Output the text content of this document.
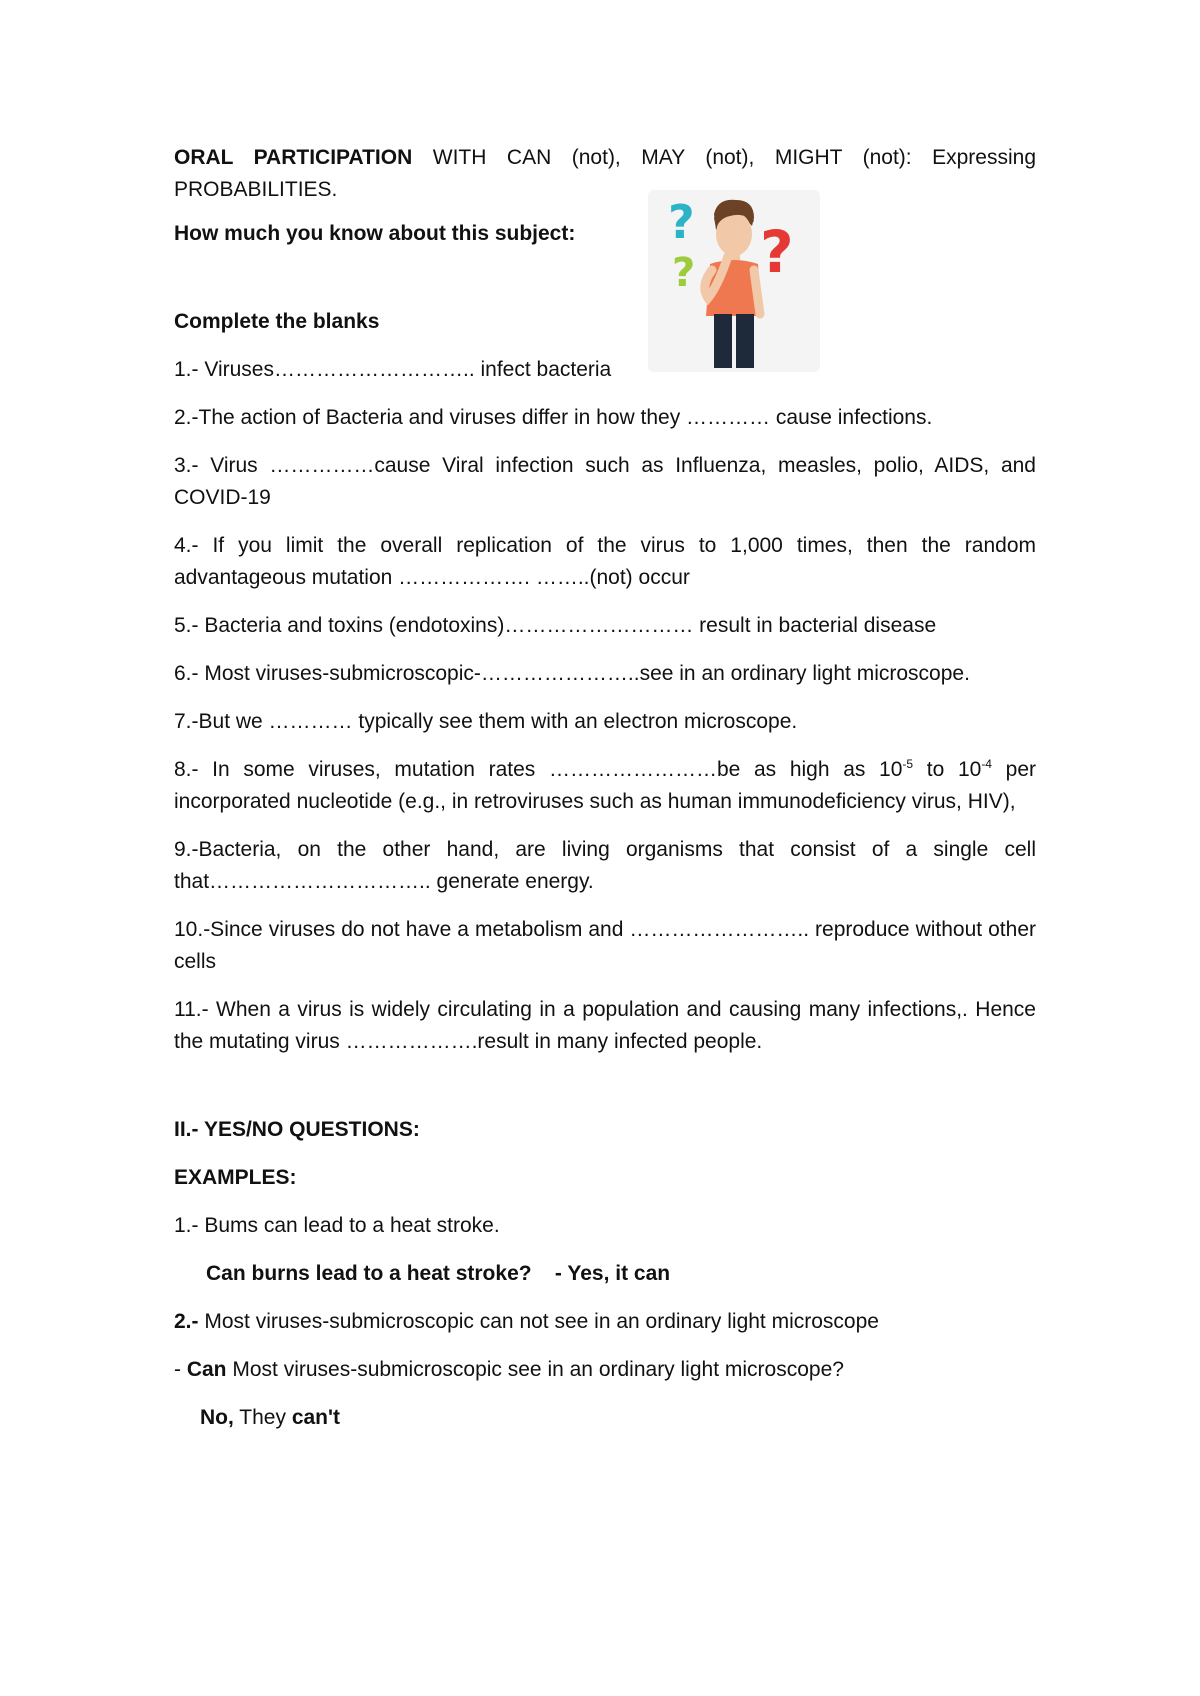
?
? ?
ORAL PARTICIPATION WITH CAN (not), MAY (not), MIGHT (not): Expressing PROBABILITIES.
How much you know about this subject:
Complete the blanks
1.- Viruses……………………….. infect bacteria
2.-The action of Bacteria and viruses differ in how they ………… cause infections.
3.- Virus ……………cause Viral infection such as Influenza, measles, polio, AIDS, and COVID-19
4.- If you limit the overall replication of the virus to 1,000 times, then the random advantageous mutation ………………. ……..(not) occur
5.- Bacteria and toxins (endotoxins)……………………… result in bacterial disease
6.- Most viruses-submicroscopic-…………………..see in an ordinary light microscope.
7.-But we ………… typically see them with an electron microscope.
8.- In some viruses, mutation rates ……………………be as high as $10^{-5}$ to $10^{-4}$ per incorporated nucleotide (e.g., in retroviruses such as human immunodeficiency virus, HIV),
9.-Bacteria, on the other hand, are living organisms that consist of a single cell that………………………….. generate energy.
10.-Since viruses do not have a metabolism and …………………….. reproduce without other cells
11.- When a virus is widely circulating in a population and causing many infections,. Hence the mutating virus ……………….result in many infected people.
II.- YES/NO QUESTIONS:
EXAMPLES:
1.- Bums can lead to a heat stroke.
Can burns lead to a heat stroke? - Yes, it can
2.- Most viruses-submicroscopic can not see in an ordinary light microscope
- Can Most viruses-submicroscopic see in an ordinary light microscope?
No, They can't
